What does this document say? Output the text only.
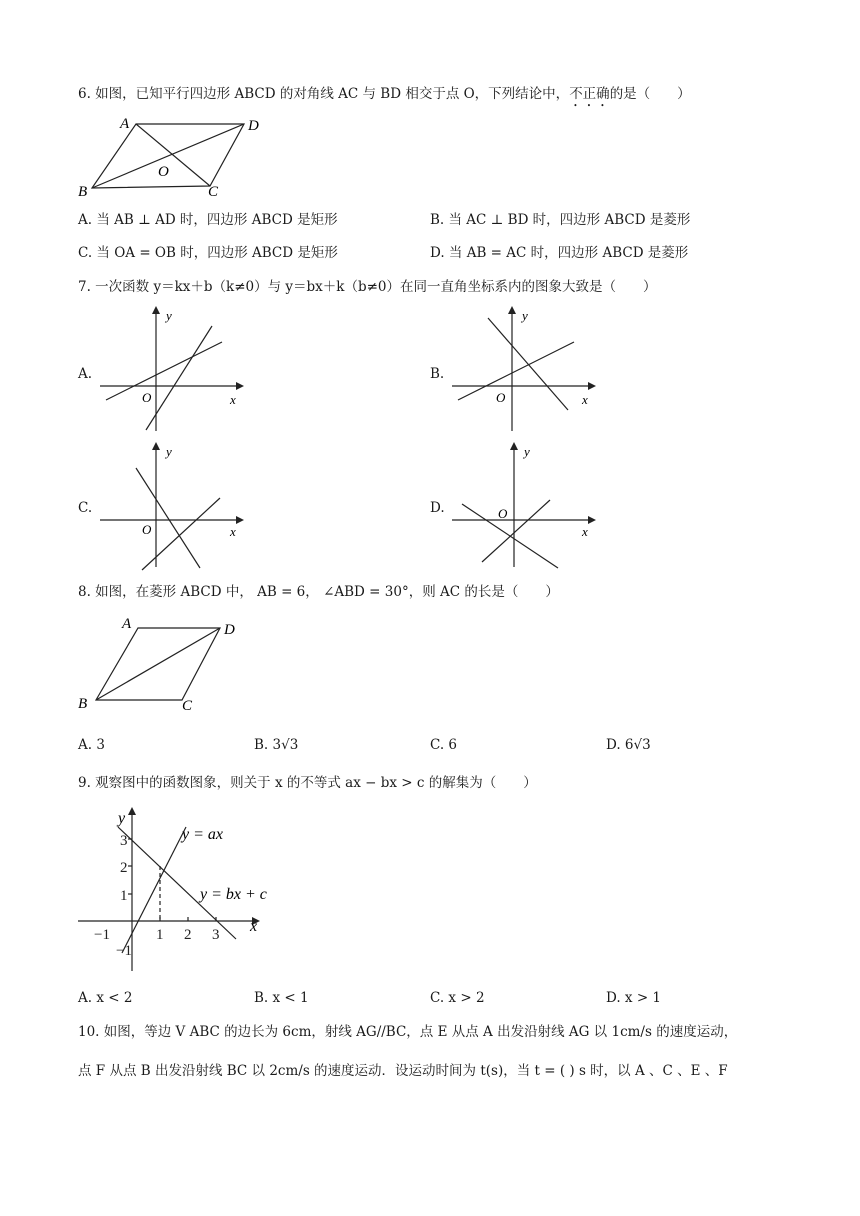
6. 如图，已知平行四边形 ABCD 的对角线 AC 与 BD 相交于点 O，下列结论中，不正确的是（　　）
A	D
B	C
O
A. 当 AB ⊥ AD 时，四边形 ABCD 是矩形	B. 当 AC ⊥ BD 时，四边形 ABCD 是菱形
C. 当 OA = OB 时，四边形 ABCD 是矩形	D. 当 AB = AC 时，四边形 ABCD 是菱形
7. 一次函数 y＝kx＋b（k≠0）与 y＝bx＋k（b≠0）在同一直角坐标系内的图象大致是（　　）
A.
y
x
O
B.
y
x
O
C.
y
x
O
D.
y
x
O
8. 如图，在菱形 ABCD 中， AB = 6， ∠ABD = 30°，则 AC 的长是（　　）
A	D
B	C
A. 3	B. 3√3	C. 6	D. 6√3
9. 观察图中的函数图象，则关于 x 的不等式 ax − bx > c 的解集为（　　）
y
x
y = ax
y = bx + c
−1	1 2 3
3
2
1
−1
A. x < 2	B. x < 1	C. x > 2	D. x > 1
10. 如图，等边 V ABC 的边长为 6cm，射线 AG//BC，点 E 从点 A 出发沿射线 AG 以 1cm/s 的速度运动，
点 F 从点 B 出发沿射线 BC 以 2cm/s 的速度运动．设运动时间为 t(s)，当 t = ( ) s 时，以 A 、C 、E 、F
